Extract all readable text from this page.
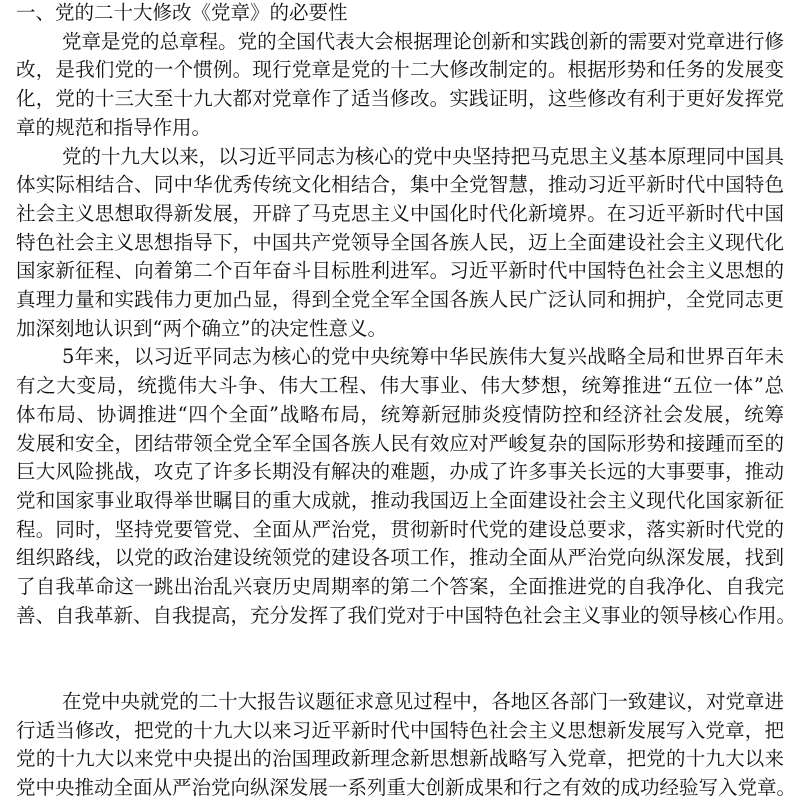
一、党的二十大修改《党章》的必要性
党章是党的总章程。党的全国代表大会根据理论创新和实践创新的需要对党章进行修
改，是我们党的一个惯例。现行党章是党的十二大修改制定的。根据形势和任务的发展变
化，党的十三大至十九大都对党章作了适当修改。实践证明，这些修改有利于更好发挥党
章的规范和指导作用。
党的十九大以来，以习近平同志为核心的党中央坚持把马克思主义基本原理同中国具
体实际相结合、同中华优秀传统文化相结合，集中全党智慧，推动习近平新时代中国特色
社会主义思想取得新发展，开辟了马克思主义中国化时代化新境界。在习近平新时代中国
特色社会主义思想指导下，中国共产党领导全国各族人民，迈上全面建设社会主义现代化
国家新征程、向着第二个百年奋斗目标胜利进军。习近平新时代中国特色社会主义思想的
真理力量和实践伟力更加凸显，得到全党全军全国各族人民广泛认同和拥护，全党同志更
加深刻地认识到“两个确立”的决定性意义。
5年来，以习近平同志为核心的党中央统筹中华民族伟大复兴战略全局和世界百年未
有之大变局，统揽伟大斗争、伟大工程、伟大事业、伟大梦想，统筹推进“五位一体”总
体布局、协调推进“四个全面”战略布局，统筹新冠肺炎疫情防控和经济社会发展，统筹
发展和安全，团结带领全党全军全国各族人民有效应对严峻复杂的国际形势和接踵而至的
巨大风险挑战，攻克了许多长期没有解决的难题，办成了许多事关长远的大事要事，推动
党和国家事业取得举世瞩目的重大成就，推动我国迈上全面建设社会主义现代化国家新征
程。同时，坚持党要管党、全面从严治党，贯彻新时代党的建设总要求，落实新时代党的
组织路线，以党的政治建设统领党的建设各项工作，推动全面从严治党向纵深发展，找到
了自我革命这一跳出治乱兴衰历史周期率的第二个答案，全面推进党的自我净化、自我完
善、自我革新、自我提高，充分发挥了我们党对于中国特色社会主义事业的领导核心作用。
在党中央就党的二十大报告议题征求意见过程中，各地区各部门一致建议，对党章进
行适当修改，把党的十九大以来习近平新时代中国特色社会主义思想新发展写入党章，把
党的十九大以来党中央提出的治国理政新理念新思想新战略写入党章，把党的十九大以来
党中央推动全面从严治党向纵深发展一系列重大创新成果和行之有效的成功经验写入党章。
